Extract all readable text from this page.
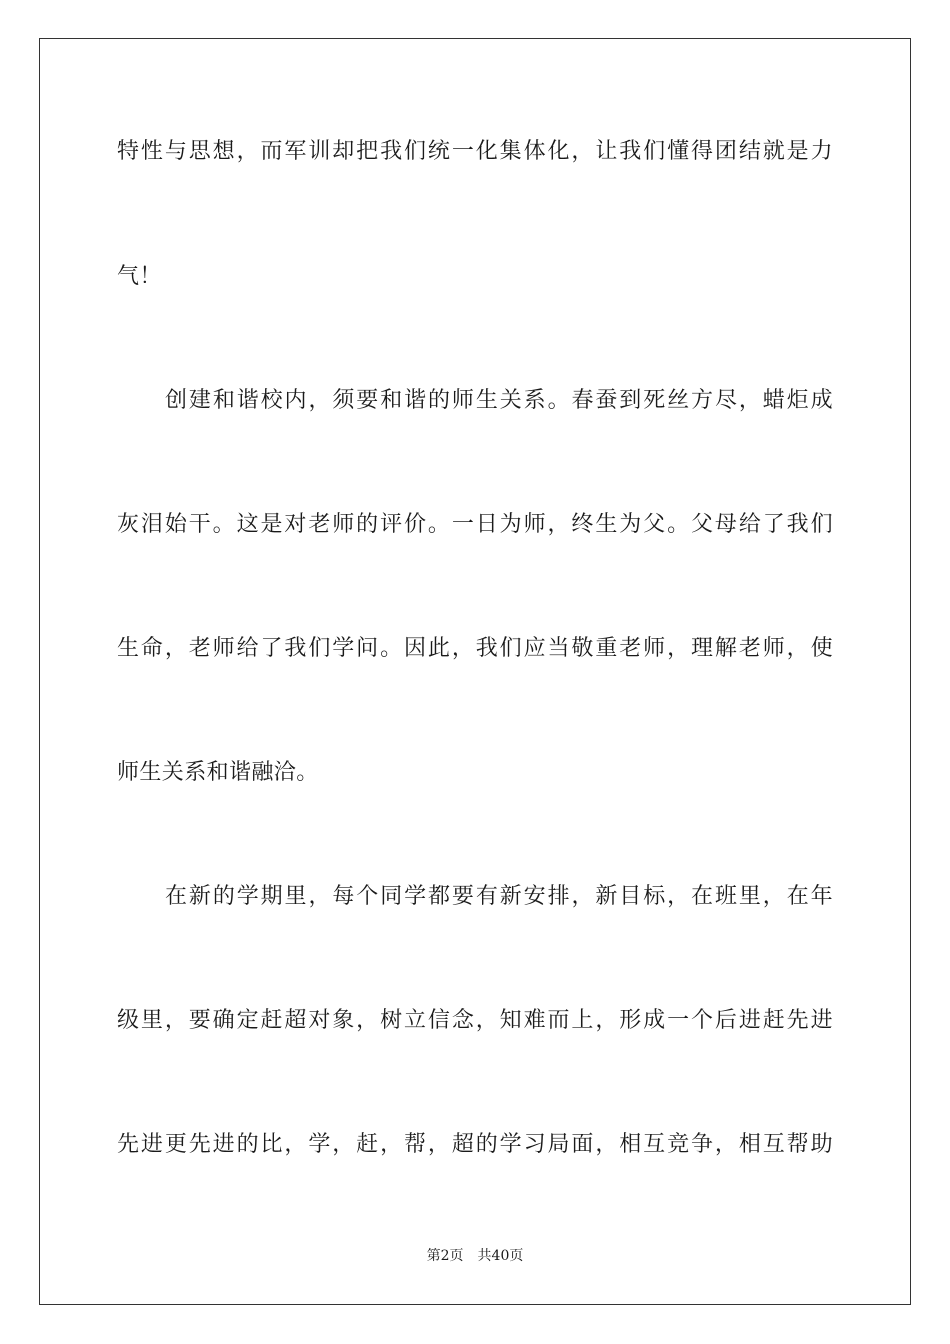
特性与思想，而军训却把我们统一化集体化，让我们懂得团结就是力
气！
创建和谐校内，须要和谐的师生关系。春蚕到死丝方尽，蜡炬成
灰泪始干。这是对老师的评价。一日为师，终生为父。父母给了我们
生命，老师给了我们学问。因此，我们应当敬重老师，理解老师，使
师生关系和谐融洽。
在新的学期里，每个同学都要有新安排，新目标，在班里，在年
级里，要确定赶超对象，树立信念，知难而上，形成一个后进赶先进
先进更先进的比，学，赶，帮，超的学习局面，相互竞争，相互帮助
第2页 共40页
